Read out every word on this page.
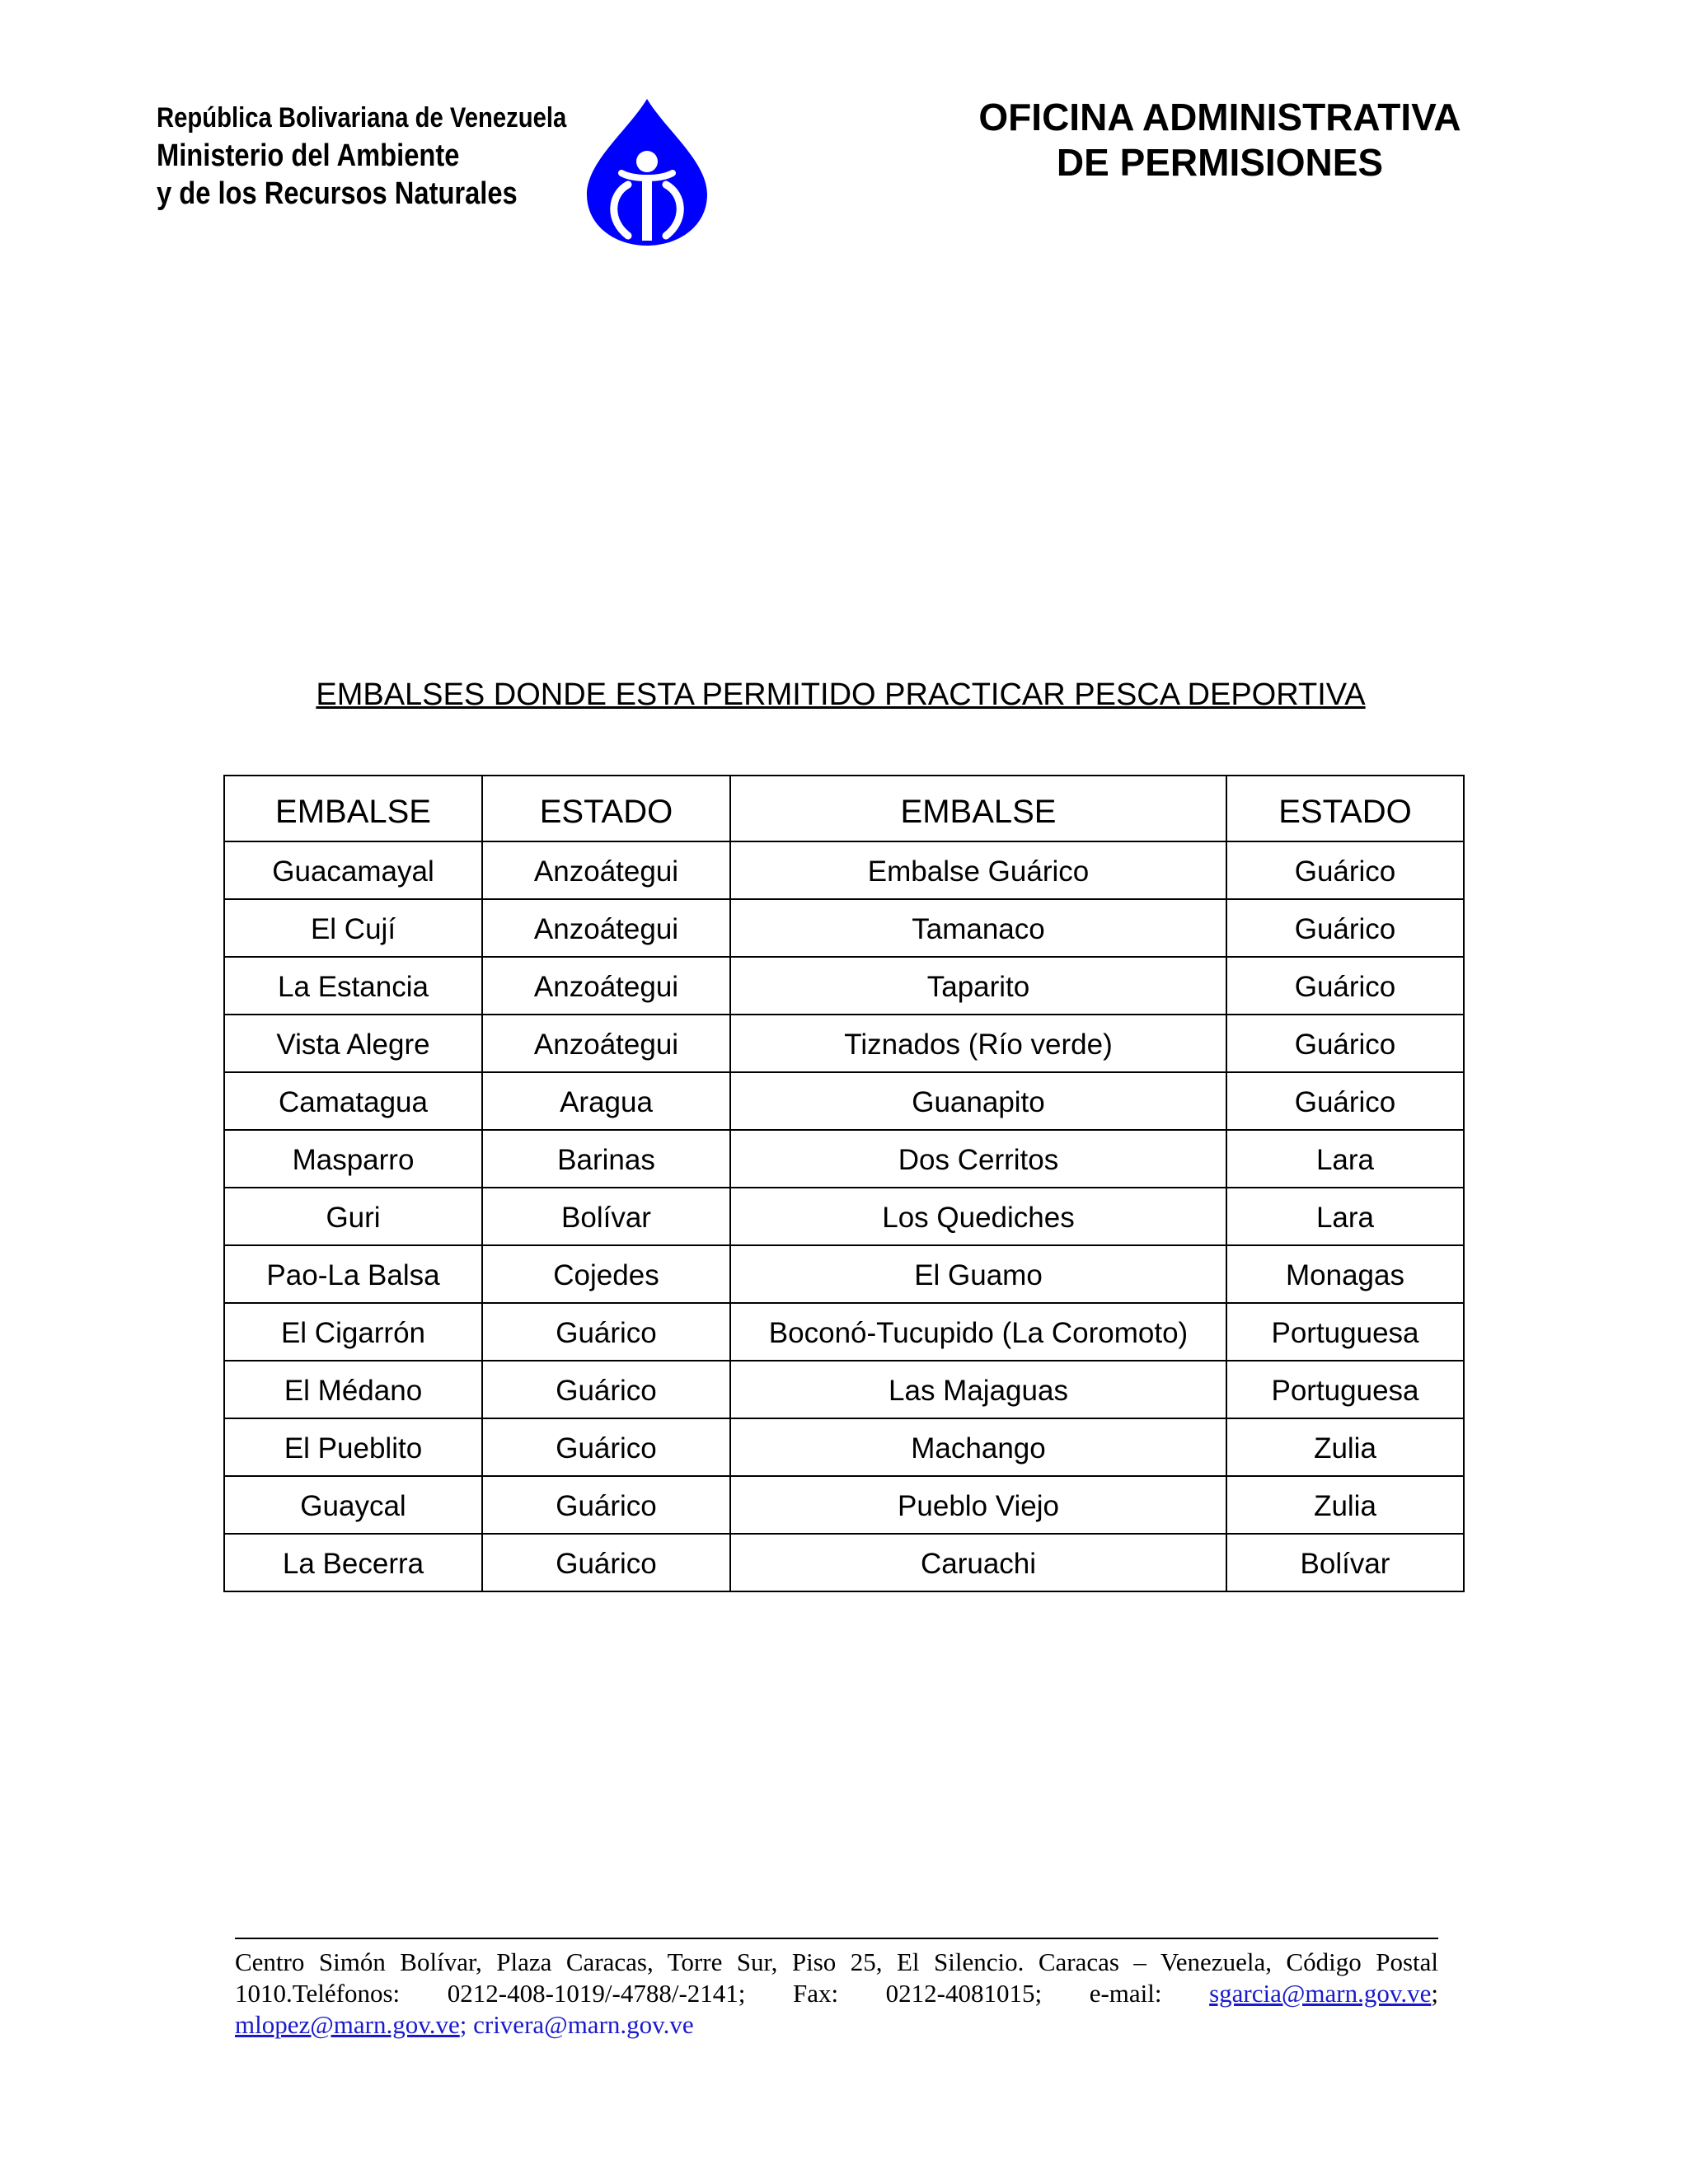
República Bolivariana de Venezuela
Ministerio del Ambiente
y de los Recursos Naturales
OFICINA ADMINISTRATIVA
DE PERMISIONES
EMBALSES DONDE ESTA PERMITIDO PRACTICAR PESCA DEPORTIVA
EMBALSE	ESTADO	EMBALSE	ESTADO
Guacamayal	Anzoátegui	Embalse Guárico	Guárico
El Cují	Anzoátegui	Tamanaco	Guárico
La Estancia	Anzoátegui	Taparito	Guárico
Vista Alegre	Anzoátegui	Tiznados (Río verde)	Guárico
Camatagua	Aragua	Guanapito	Guárico
Masparro	Barinas	Dos Cerritos	Lara
Guri	Bolívar	Los Quediches	Lara
Pao-La Balsa	Cojedes	El Guamo	Monagas
El Cigarrón	Guárico	Boconó-Tucupido (La Coromoto)	Portuguesa
El Médano	Guárico	Las Majaguas	Portuguesa
El Pueblito	Guárico	Machango	Zulia
Guaycal	Guárico	Pueblo Viejo	Zulia
La Becerra	Guárico	Caruachi	Bolívar
Centro Simón Bolívar, Plaza Caracas, Torre Sur, Piso 25, El Silencio. Caracas – Venezuela, Código Postal 1010.Teléfonos: 0212-408-1019/-4788/-2141; Fax: 0212-4081015; e-mail: sgarcia@marn.gov.ve; mlopez@marn.gov.ve; crivera@marn.gov.ve
